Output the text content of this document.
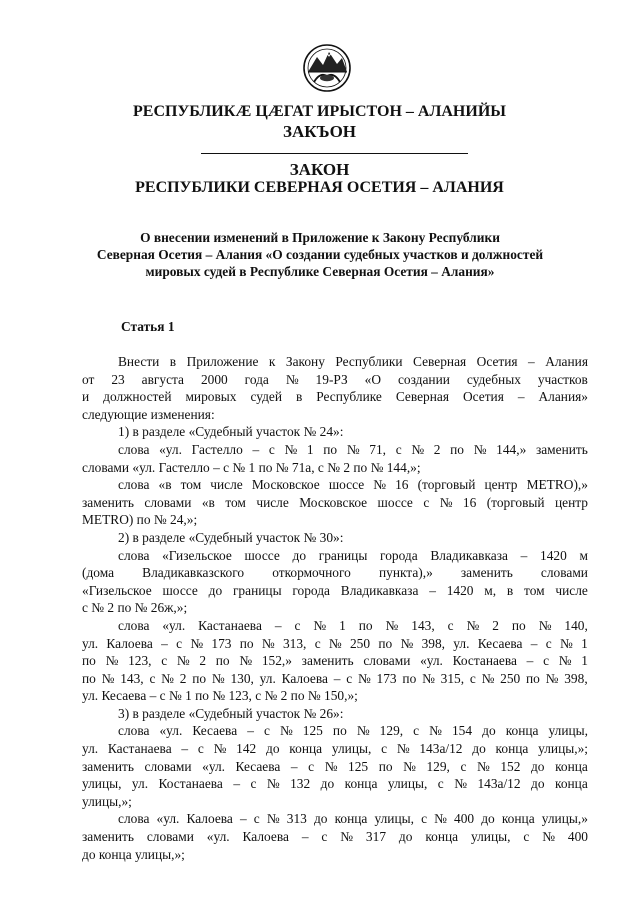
РЕСПУБЛИКӔ ЦӔГАТ ИРЫСТОН – АЛАНИЙЫ
ЗАКЪОН
ЗАКОН
РЕСПУБЛИКИ СЕВЕРНАЯ ОСЕТИЯ – АЛАНИЯ
О внесении изменений в Приложение к Закону Республики
Северная Осетия – Алания «О создании судебных участков и должностей
мировых судей в Республике Северная Осетия – Алания»
Статья 1
Внести в Приложение к Закону Республики Северная Осетия – Алания
от 23 августа 2000 года № 19-РЗ «О создании судебных участков
и должностей мировых судей в Республике Северная Осетия – Алания»
следующие изменения:
1) в разделе «Судебный участок № 24»:
слова «ул. Гастелло – с № 1 по № 71, с № 2 по № 144,» заменить
словами «ул. Гастелло – с № 1 по № 71а, с № 2 по № 144,»;
слова «в том числе Московское шоссе № 16 (торговый центр METRO),»
заменить словами «в том числе Московское шоссе с № 16 (торговый центр
METRO) по № 24,»;
2) в разделе «Судебный участок № 30»:
слова «Гизельское шоссе до границы города Владикавказа – 1420 м
(дома Владикавказского откормочного пункта),» заменить словами
«Гизельское шоссе до границы города Владикавказа – 1420 м, в том числе
с № 2 по № 26ж,»;
слова «ул. Кастанаева – с № 1 по № 143, с № 2 по № 140,
ул. Калоева – с № 173 по № 313, с № 250 по № 398, ул. Кесаева – с № 1
по № 123, с № 2 по № 152,» заменить словами «ул. Костанаева – с № 1
по № 143, с № 2 по № 130, ул. Калоева – с № 173 по № 315, с № 250 по № 398,
ул. Кесаева – с № 1 по № 123, с № 2 по № 150,»;
3) в разделе «Судебный участок № 26»:
слова «ул. Кесаева – с № 125 по № 129, с № 154 до конца улицы,
ул. Кастанаева – с № 142 до конца улицы, с № 143а/12 до конца улицы,»;
заменить словами «ул. Кесаева – с № 125 по № 129, с № 152 до конца
улицы, ул. Костанаева – с № 132 до конца улицы, с № 143а/12 до конца
улицы,»;
слова «ул. Калоева – с № 313 до конца улицы, с № 400 до конца улицы,»
заменить словами «ул. Калоева – с № 317 до конца улицы, с № 400
до конца улицы,»;
